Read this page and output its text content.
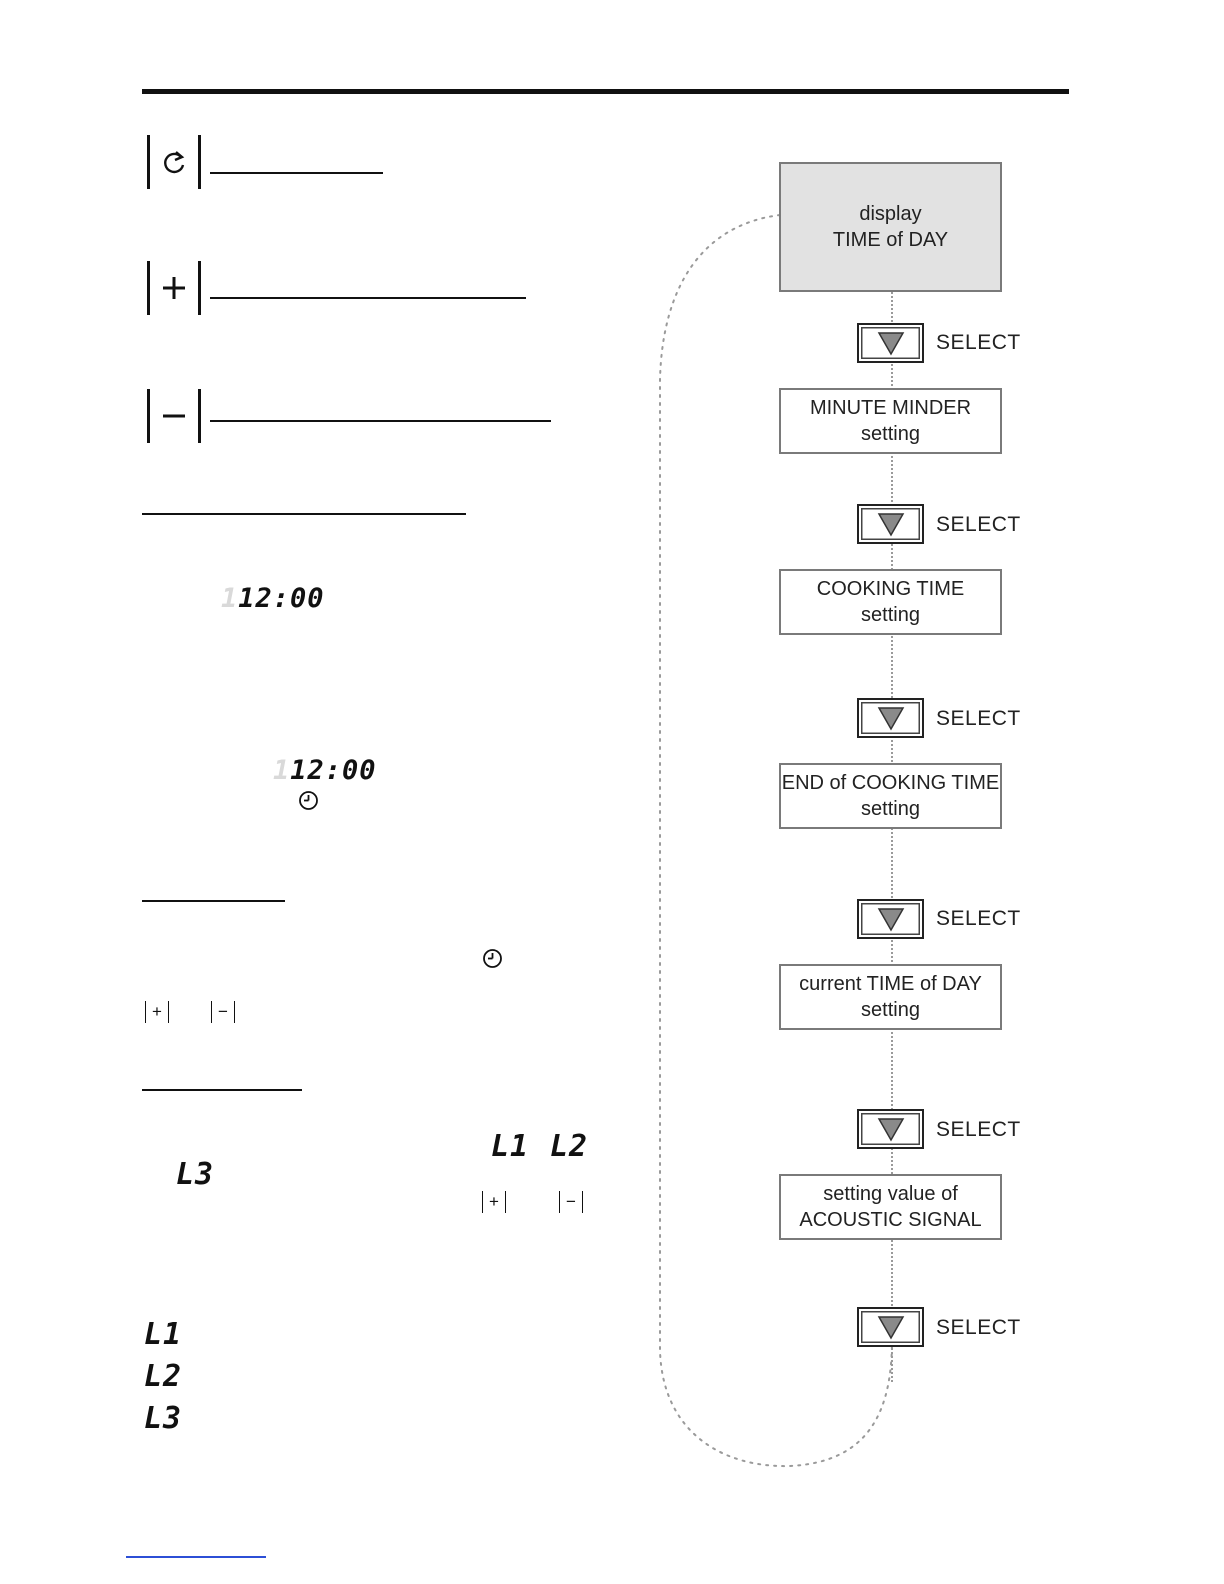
112:00
112:00
+	−
L1 L2
L3
+	−
L1
L2
L3
display
TIME of DAY
SELECT
MINUTE MINDER
setting
SELECT
COOKING TIME
setting
SELECT
END of COOKING TIME
setting
SELECT
current TIME of DAY
setting
SELECT
setting value of
ACOUSTIC SIGNAL
SELECT
